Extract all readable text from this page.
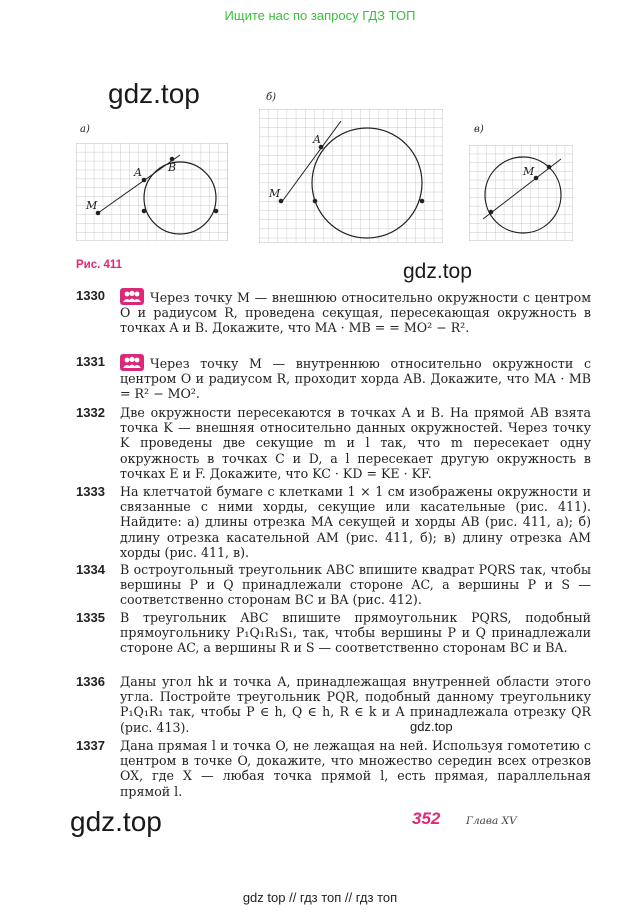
Ищите нас по запросу ГДЗ ТОП
gdz.top
а)
M
A B
б)
A
M
в)
M
Рис. 411	gdz.top
1330	Через точку M — внешнюю относительно окружности с центром O и радиусом R, проведена секущая, пересекающая окружность в точках A и B. Докажите, что MA · MB = = MO² − R².
1331	Через точку M — внутреннюю относительно окружности с центром O и радиусом R, проходит хорда AB. Докажите, что MA · MB = R² − MO².
1332 Две окружности пересекаются в точках A и B. На прямой AB взята точка K — внешняя относительно данных окружностей. Через точку K проведены две секущие m и l так, что m пересекает одну окружность в точках C и D, а l пересекает другую окружность в точках E и F. Докажите, что KC · KD = KE · KF.
1333 На клетчатой бумаге с клетками 1 × 1 см изображены окружности и связанные с ними хорды, секущие или касательные (рис. 411). Найдите: а) длины отрезка MA секущей и хорды AB (рис. 411, а); б) длину отрезка касательной AM (рис. 411, б); в) длину отрезка AM хорды (рис. 411, в).
1334 В остроугольный треугольник ABC впишите квадрат PQRS так, чтобы вершины P и Q принадлежали стороне AC, а вершины P и S — соответственно сторонам BC и BA (рис. 412).
1335 В треугольник ABC впишите прямоугольник PQRS, подобный прямоугольнику P₁Q₁R₁S₁, так, чтобы вершины P и Q принадлежали стороне AC, а вершины R и S — соответственно сторонам BC и BA.
1336 Даны угол hk и точка A, принадлежащая внутренней области этого угла. Постройте треугольник PQR, подобный данному треугольнику P₁Q₁R₁ так, чтобы P ∈ h, Q ∈ h, R ∈ k и A принадлежала отрезку QR (рис. 413).	gdz.top
1337 Дана прямая l и точка O, не лежащая на ней. Используя гомотетию с центром в точке O, докажите, что множество середин всех отрезков OX, где X — любая точка прямой l, есть прямая, параллельная прямой l.
gdz.top	352 Глава XV
gdz top // гдз топ // гдз топ
